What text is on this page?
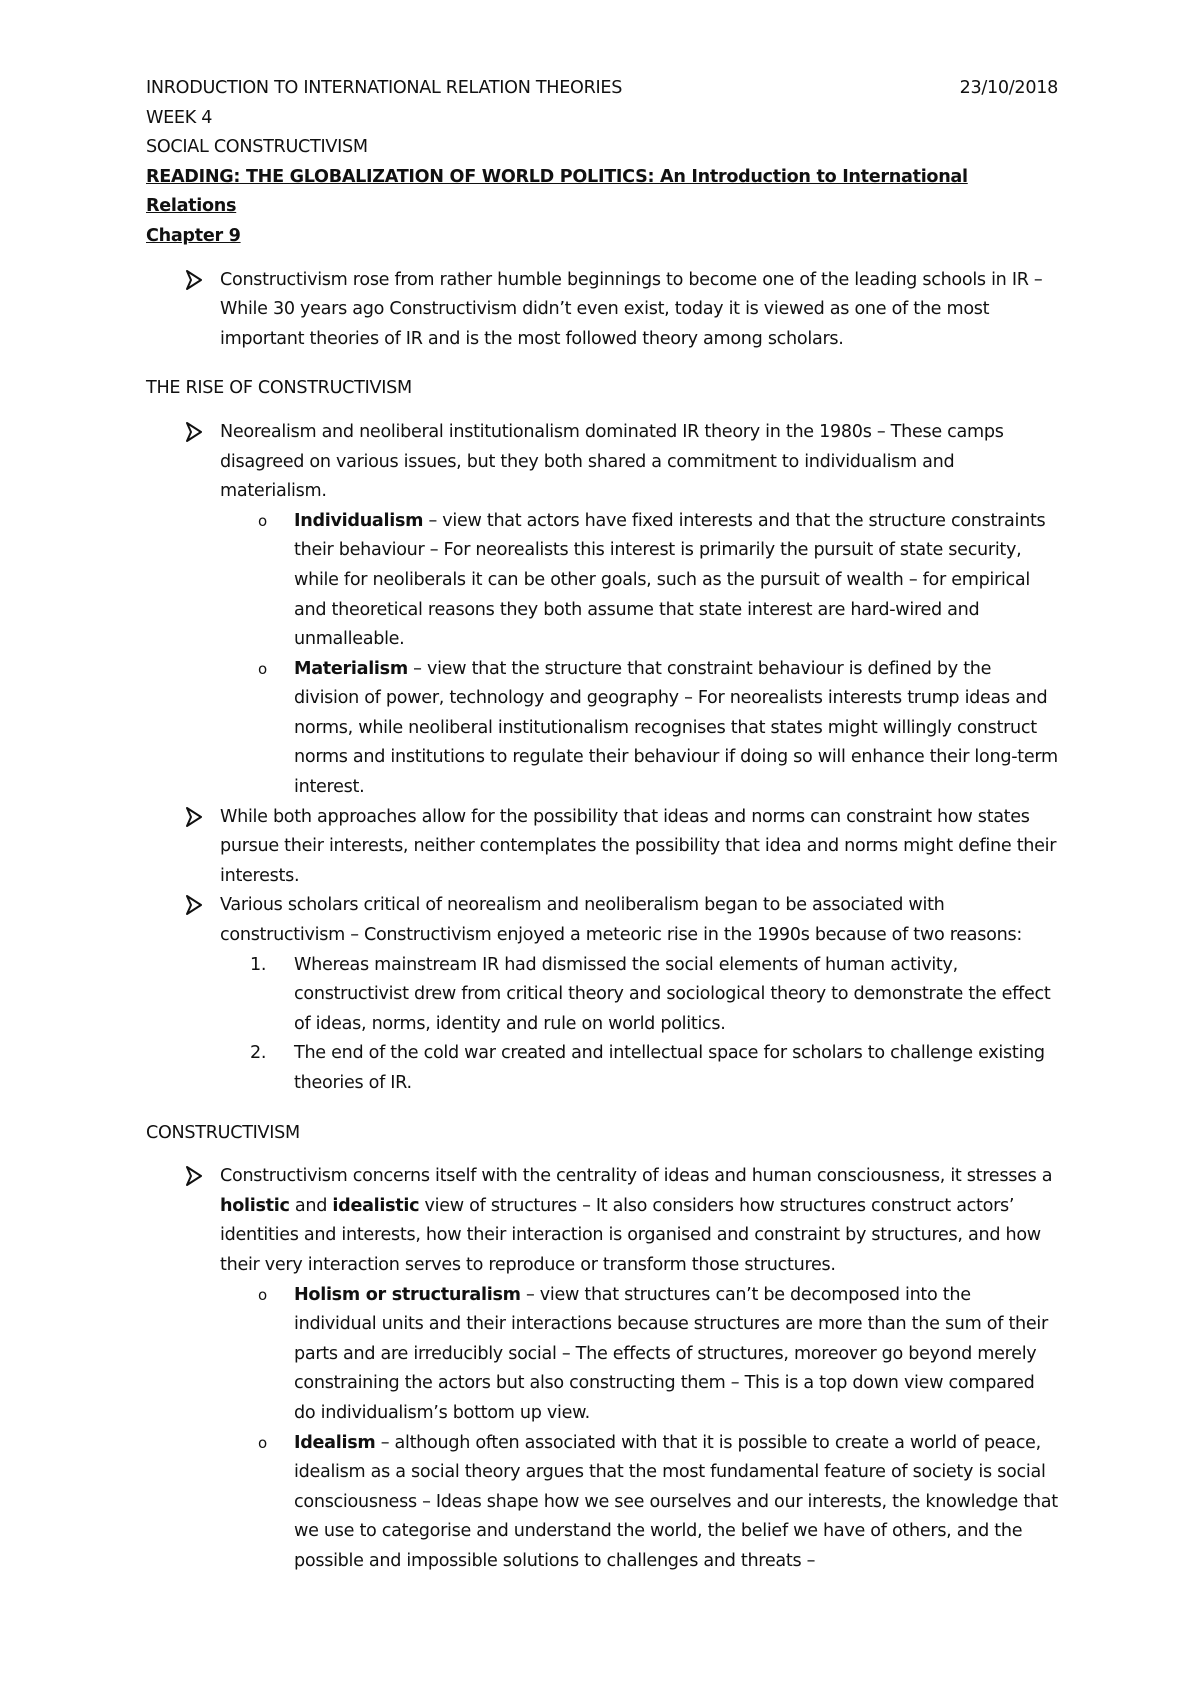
INRODUCTION TO INTERNATIONAL RELATION THEORIES	23/10/2018
WEEK 4
SOCIAL CONSTRUCTIVISM
READING: THE GLOBALIZATION OF WORLD POLITICS: An Introduction to International Relations
Chapter 9
Constructivism rose from rather humble beginnings to become one of the leading schools in IR – While 30 years ago Constructivism didn’t even exist, today it is viewed as one of the most important theories of IR and is the most followed theory among scholars.
THE RISE OF CONSTRUCTIVISM
Neorealism and neoliberal institutionalism dominated IR theory in the 1980s – These camps disagreed on various issues, but they both shared a commitment to individualism and materialism.
o Individualism – view that actors have fixed interests and that the structure constraints their behaviour – For neorealists this interest is primarily the pursuit of state security, while for neoliberals it can be other goals, such as the pursuit of wealth – for empirical and theoretical reasons they both assume that state interest are hard-wired and unmalleable.
o Materialism – view that the structure that constraint behaviour is defined by the division of power, technology and geography – For neorealists interests trump ideas and norms, while neoliberal institutionalism recognises that states might willingly construct norms and institutions to regulate their behaviour if doing so will enhance their long-term interest.
While both approaches allow for the possibility that ideas and norms can constraint how states pursue their interests, neither contemplates the possibility that idea and norms might define their interests.
Various scholars critical of neorealism and neoliberalism began to be associated with constructivism – Constructivism enjoyed a meteoric rise in the 1990s because of two reasons:
1. Whereas mainstream IR had dismissed the social elements of human activity, constructivist drew from critical theory and sociological theory to demonstrate the effect of ideas, norms, identity and rule on world politics.
2. The end of the cold war created and intellectual space for scholars to challenge existing theories of IR.
CONSTRUCTIVISM
Constructivism concerns itself with the centrality of ideas and human consciousness, it stresses a holistic and idealistic view of structures – It also considers how structures construct actors’ identities and interests, how their interaction is organised and constraint by structures, and how their very interaction serves to reproduce or transform those structures.
o Holism or structuralism – view that structures can’t be decomposed into the individual units and their interactions because structures are more than the sum of their parts and are irreducibly social – The effects of structures, moreover go beyond merely constraining the actors but also constructing them – This is a top down view compared do individualism’s bottom up view.
o Idealism – although often associated with that it is possible to create a world of peace, idealism as a social theory argues that the most fundamental feature of society is social consciousness – Ideas shape how we see ourselves and our interests, the knowledge that we use to categorise and understand the world, the belief we have of others, and the possible and impossible solutions to challenges and threats –
